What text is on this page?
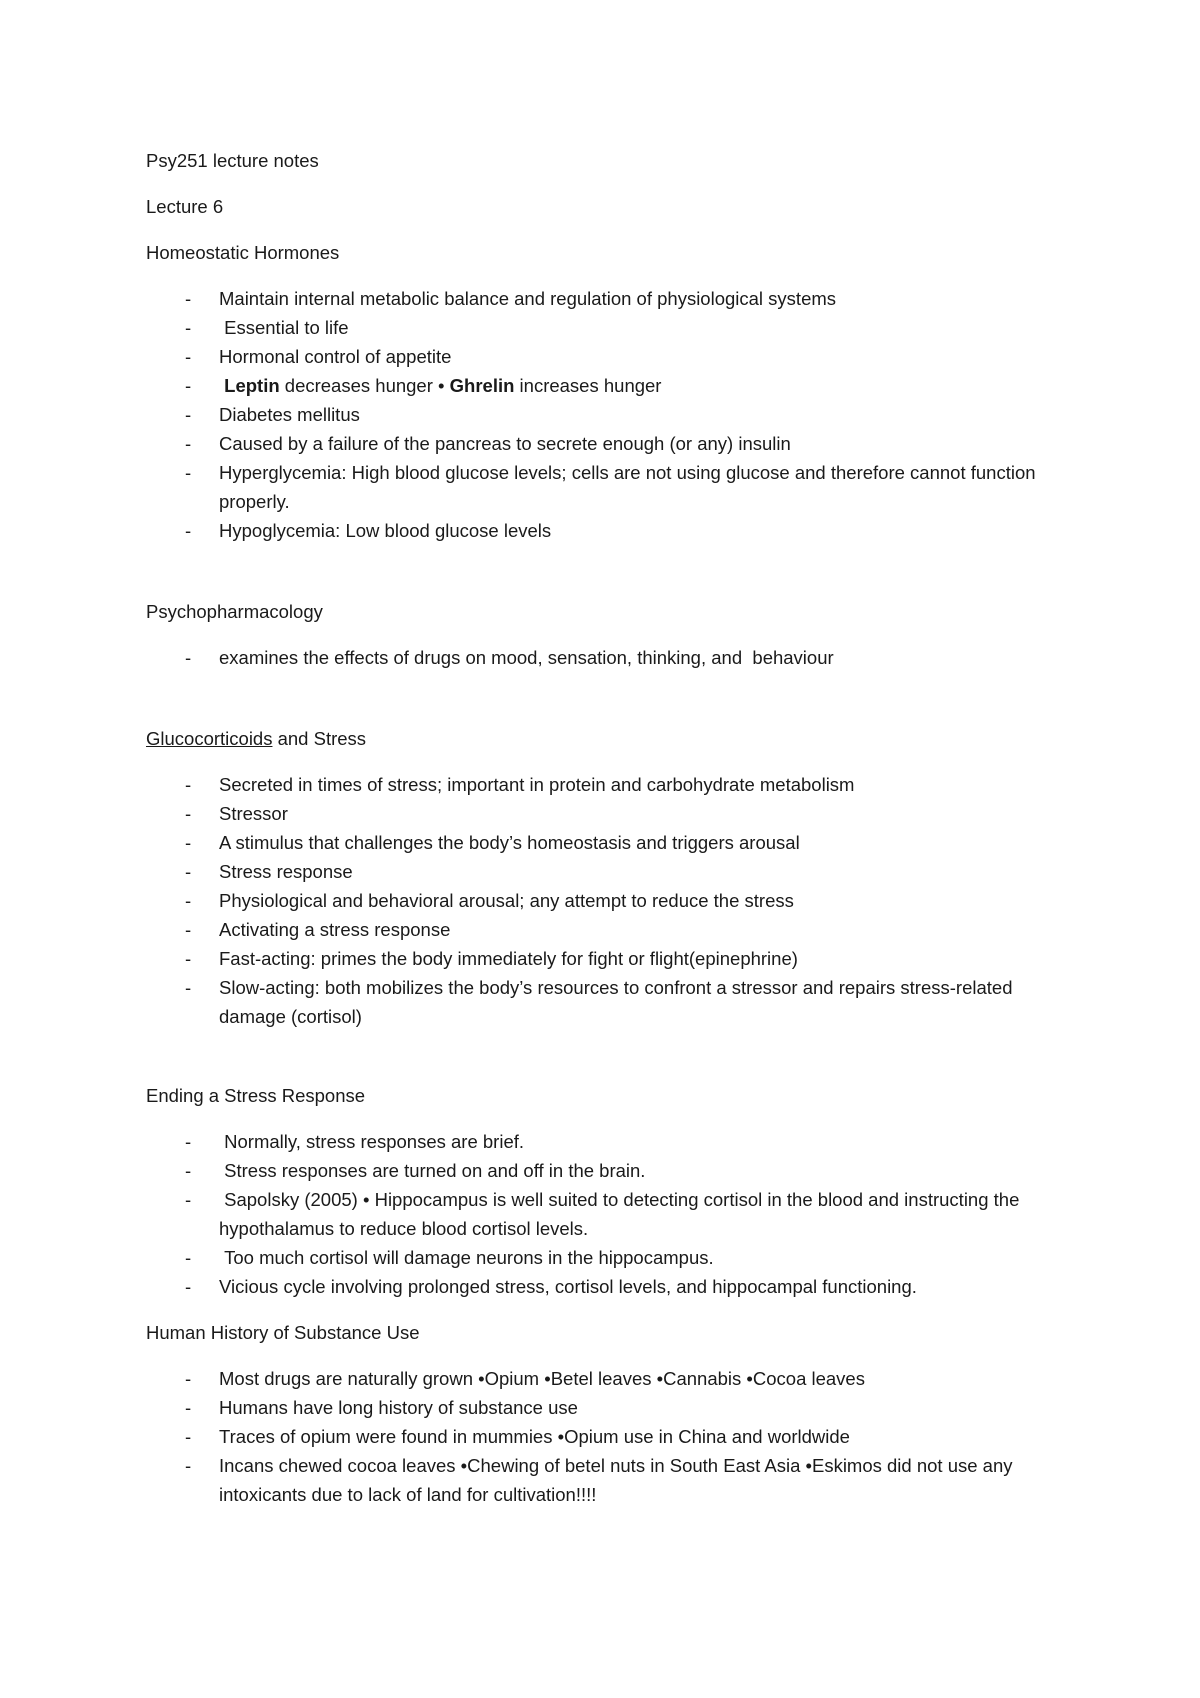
Psy251 lecture notes

Lecture 6

Homeostatic Hormones

- Maintain internal metabolic balance and regulation of physiological systems
- Essential to life
- Hormonal control of appetite
- Leptin decreases hunger • Ghrelin increases hunger
- Diabetes mellitus
- Caused by a failure of the pancreas to secrete enough (or any) insulin
- Hyperglycemia: High blood glucose levels; cells are not using glucose and therefore cannot function properly.
- Hypoglycemia: Low blood glucose levels

Psychopharmacology

- examines the effects of drugs on mood, sensation, thinking, and  behaviour

Glucocorticoids and Stress

- Secreted in times of stress; important in protein and carbohydrate metabolism
- Stressor
- A stimulus that challenges the body’s homeostasis and triggers arousal
- Stress response
- Physiological and behavioral arousal; any attempt to reduce the stress
- Activating a stress response
- Fast-acting: primes the body immediately for fight or flight(epinephrine)
- Slow-acting: both mobilizes the body’s resources to confront a stressor and repairs stress-related damage (cortisol)

Ending a Stress Response

- Normally, stress responses are brief.
- Stress responses are turned on and off in the brain.
- Sapolsky (2005) • Hippocampus is well suited to detecting cortisol in the blood and instructing the hypothalamus to reduce blood cortisol levels.
- Too much cortisol will damage neurons in the hippocampus.
- Vicious cycle involving prolonged stress, cortisol levels, and hippocampal functioning.

Human History of Substance Use

- Most drugs are naturally grown •Opium •Betel leaves •Cannabis •Cocoa leaves
- Humans have long history of substance use
- Traces of opium were found in mummies •Opium use in China and worldwide
- Incans chewed cocoa leaves •Chewing of betel nuts in South East Asia •Eskimos did not use any intoxicants due to lack of land for cultivation!!!!
